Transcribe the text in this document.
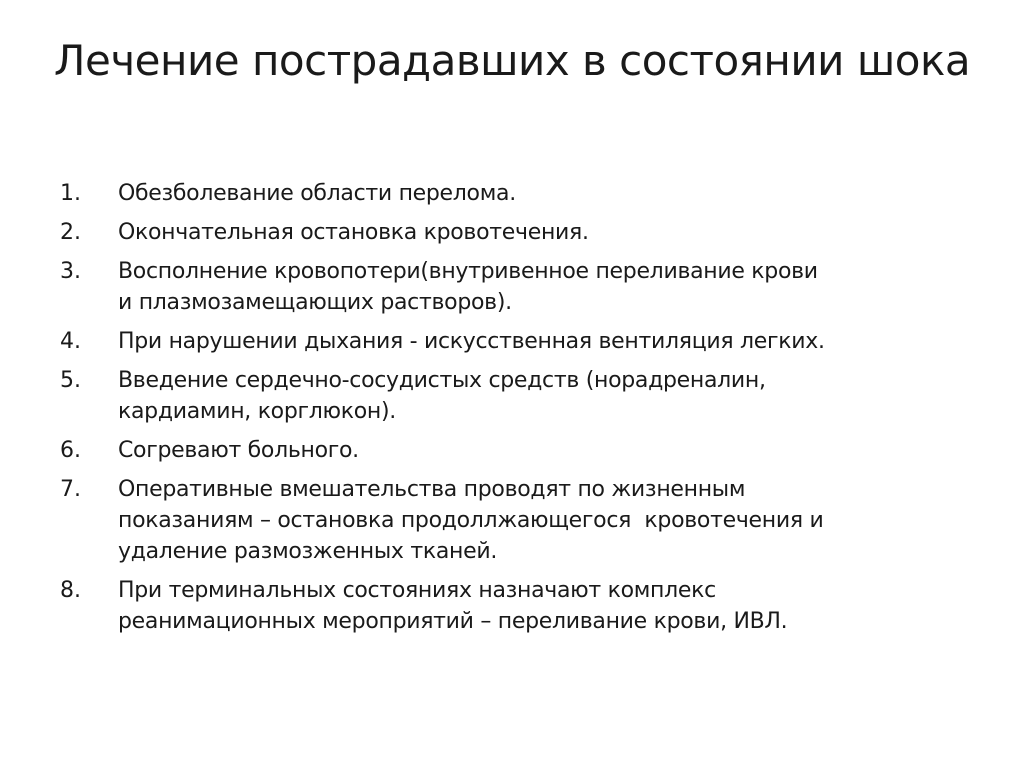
Лечение пострадавших в состоянии шока
1.	Обезболевание области перелома.
2.	Окончательная остановка кровотечения.
3.	Восполнение кровопотери(внутривенное переливание крови
и плазмозамещающих растворов).
4.	При нарушении дыхания - искусственная вентиляция легких.
5.	Введение сердечно-сосудистых средств (норадреналин,
кардиамин, корглюкон).
6.	Согревают больного.
7.	Оперативные вмешательства проводят по жизненным
показаниям – остановка продоллжающегося  кровотечения и
удаление размозженных тканей.
8.	При терминальных состояниях назначают комплекс
реанимационных мероприятий – переливание крови, ИВЛ.
